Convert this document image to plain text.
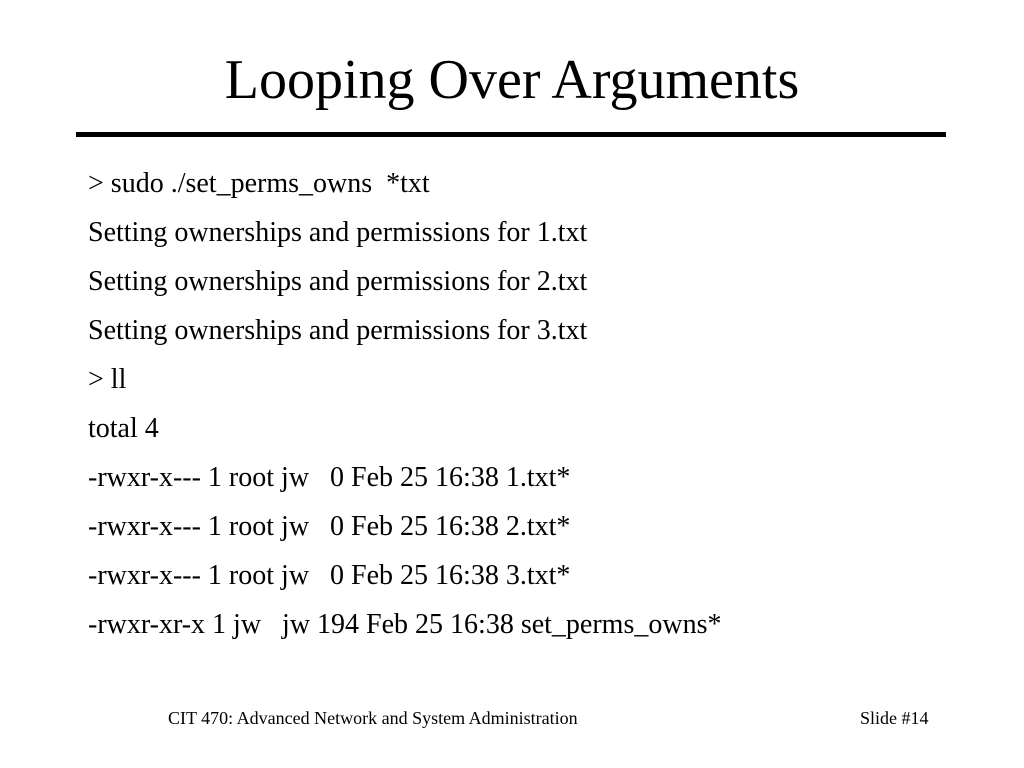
Looping Over Arguments
> sudo ./set_perms_owns  *txt
Setting ownerships and permissions for 1.txt
Setting ownerships and permissions for 2.txt
Setting ownerships and permissions for 3.txt
> ll
total 4
-rwxr-x--- 1 root jw   0 Feb 25 16:38 1.txt*
-rwxr-x--- 1 root jw   0 Feb 25 16:38 2.txt*
-rwxr-x--- 1 root jw   0 Feb 25 16:38 3.txt*
-rwxr-xr-x 1 jw   jw 194 Feb 25 16:38 set_perms_owns*
CIT 470: Advanced Network and System Administration	Slide #14
